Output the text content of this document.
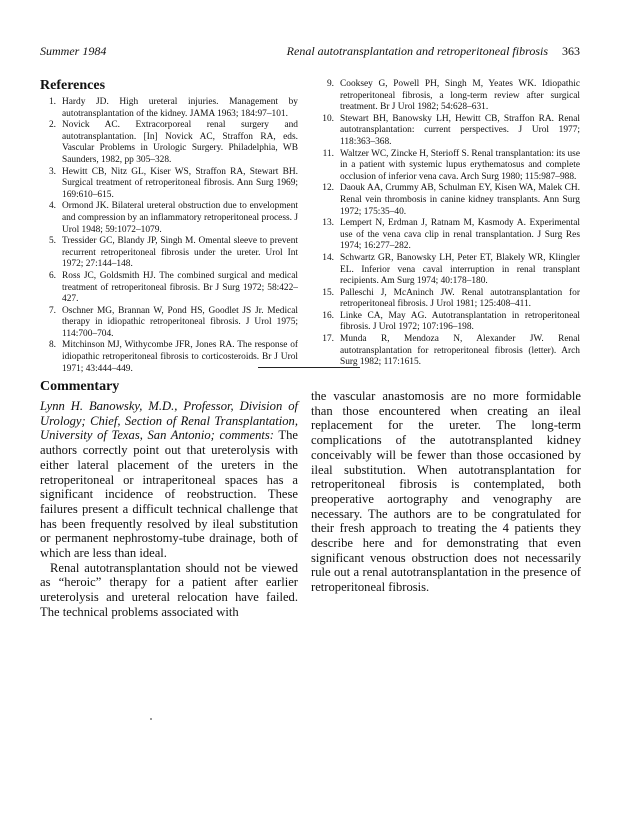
Summer 1984	Renal autotransplantation and retroperitoneal fibrosis 363
References
1. Hardy JD. High ureteral injuries. Management by autotransplantation of the kidney. JAMA 1963; 184:97–101.
2. Novick AC. Extracorporeal renal surgery and autotransplantation. [In] Novick AC, Straffon RA, eds. Vascular Problems in Urologic Surgery. Philadelphia, WB Saunders, 1982, pp 305–328.
3. Hewitt CB, Nitz GL, Kiser WS, Straffon RA, Stewart BH. Surgical treatment of retroperitoneal fibrosis. Ann Surg 1969; 169:610–615.
4. Ormond JK. Bilateral ureteral obstruction due to envelopment and compression by an inflammatory retroperitoneal process. J Urol 1948; 59:1072–1079.
5. Tressider GC, Blandy JP, Singh M. Omental sleeve to prevent recurrent retroperitoneal fibrosis under the ureter. Urol Int 1972; 27:144–148.
6. Ross JC, Goldsmith HJ. The combined surgical and medical treatment of retroperitoneal fibrosis. Br J Surg 1972; 58:422–427.
7. Oschner MG, Brannan W, Pond HS, Goodlet JS Jr. Medical therapy in idiopathic retroperitoneal fibrosis. J Urol 1975; 114:700–704.
8. Mitchinson MJ, Withycombe JFR, Jones RA. The response of idiopathic retroperitoneal fibrosis to corticosteroids. Br J Urol 1971; 43:444–449.
9. Cooksey G, Powell PH, Singh M, Yeates WK. Idiopathic retroperitoneal fibrosis, a long-term review after surgical treatment. Br J Urol 1982; 54:628–631.
10. Stewart BH, Banowsky LH, Hewitt CB, Straffon RA. Renal autotransplantation: current perspectives. J Urol 1977; 118:363–368.
11. Waltzer WC, Zincke H, Sterioff S. Renal transplantation: its use in a patient with systemic lupus erythematosus and complete occlusion of inferior vena cava. Arch Surg 1980; 115:987–988.
12. Daouk AA, Crummy AB, Schulman EY, Kisen WA, Malek CH. Renal vein thrombosis in canine kidney transplants. Ann Surg 1972; 175:35–40.
13. Lempert N, Erdman J, Ratnam M, Kasmody A. Experimental use of the vena cava clip in renal transplantation. J Surg Res 1974; 16:277–282.
14. Schwartz GR, Banowsky LH, Peter ET, Blakely WR, Klingler EL. Inferior vena caval interruption in renal transplant recipients. Am Surg 1974; 40:178–180.
15. Palleschi J, McAninch JW. Renal autotransplantation for retroperitoneal fibrosis. J Urol 1981; 125:408–411.
16. Linke CA, May AG. Autotransplantation in retroperitoneal fibrosis. J Urol 1972; 107:196–198.
17. Munda R, Mendoza N, Alexander JW. Renal autotransplantation for retroperitoneal fibrosis (letter). Arch Surg 1982; 117:1615.
Commentary

Lynn H. Banowsky, M.D., Professor, Division of Urology; Chief, Section of Renal Transplantation, University of Texas, San Antonio; comments: The authors correctly point out that ureterolysis with either lateral placement of the ureters in the retroperitoneal or intraperitoneal spaces has a significant incidence of reobstruction. These failures present a difficult technical challenge that has been frequently resolved by ileal substitution or permanent nephrostomy-tube drainage, both of which are less than ideal.

Renal autotransplantation should not be viewed as “heroic” therapy for a patient after earlier ureterolysis and ureteral relocation have failed. The technical problems associated with

the vascular anastomosis are no more formidable than those encountered when creating an ileal replacement for the ureter. The long-term complications of the autotransplanted kidney conceivably will be fewer than those occasioned by ileal substitution. When autotransplantation for retroperitoneal fibrosis is contemplated, both preoperative aortography and venography are necessary. The authors are to be congratulated for their fresh approach to treating the 4 patients they describe here and for demonstrating that even significant venous obstruction does not necessarily rule out a renal autotransplantation in the presence of retroperitoneal fibrosis.
